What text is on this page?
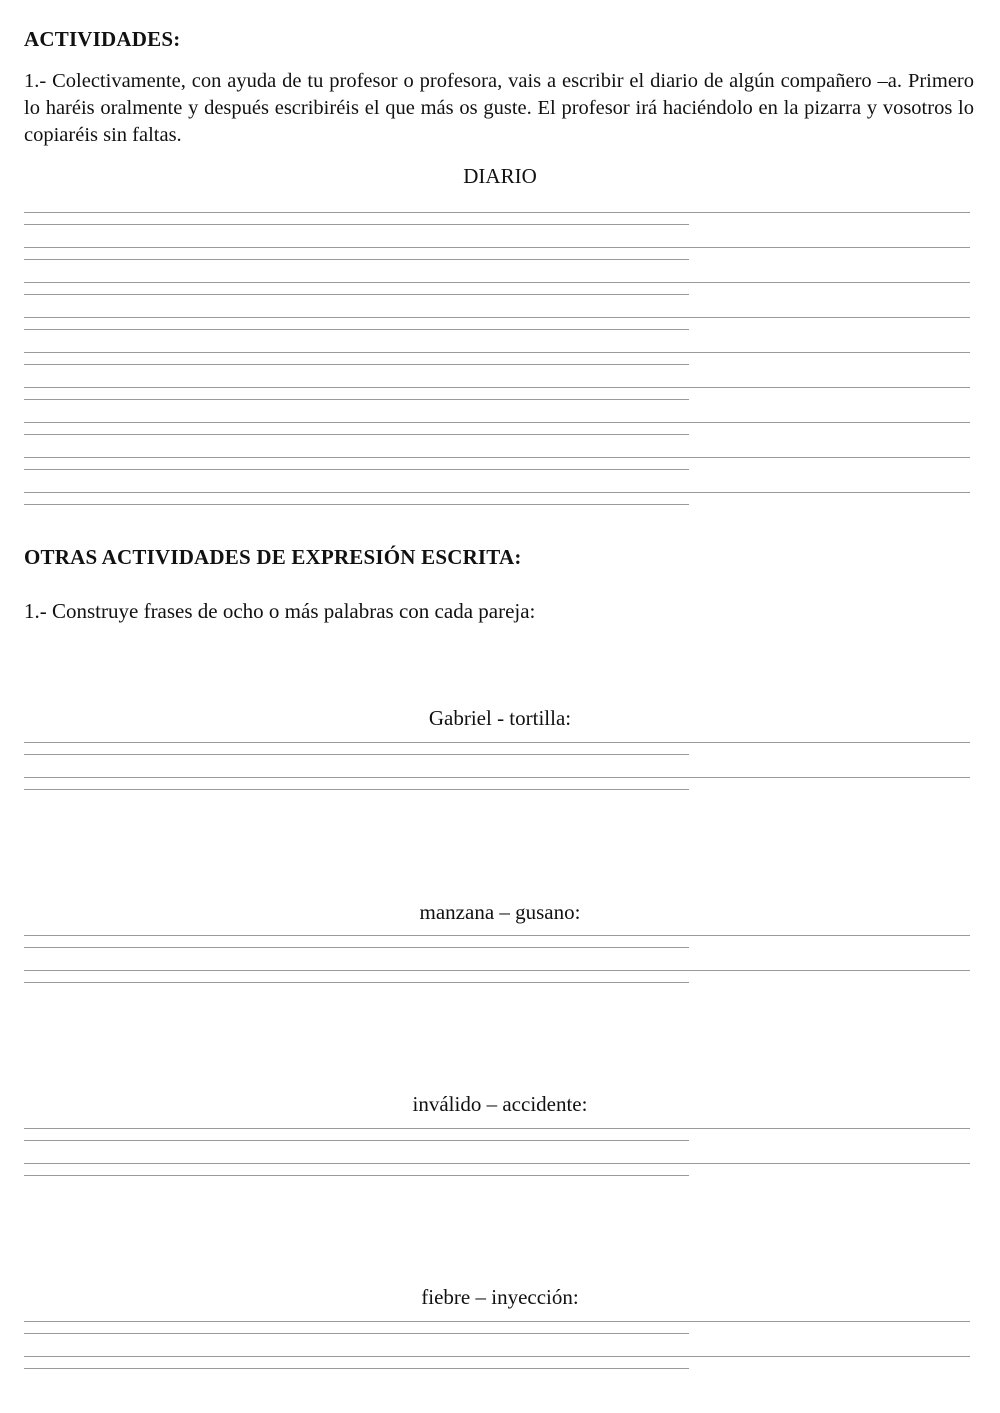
ACTIVIDADES:
1.- Colectivamente, con ayuda de tu profesor o profesora, vais a escribir el diario de algún compañero –a. Primero lo haréis oralmente y después escribiréis el que más os guste. El profesor irá haciéndolo en la pizarra y vosotros lo copiaréis sin faltas.
DIARIO
OTRAS ACTIVIDADES DE EXPRESIÓN ESCRITA:
1.- Construye frases de ocho o más palabras con cada pareja:
Gabriel - tortilla:
manzana – gusano:
inválido – accidente:
fiebre – inyección:
